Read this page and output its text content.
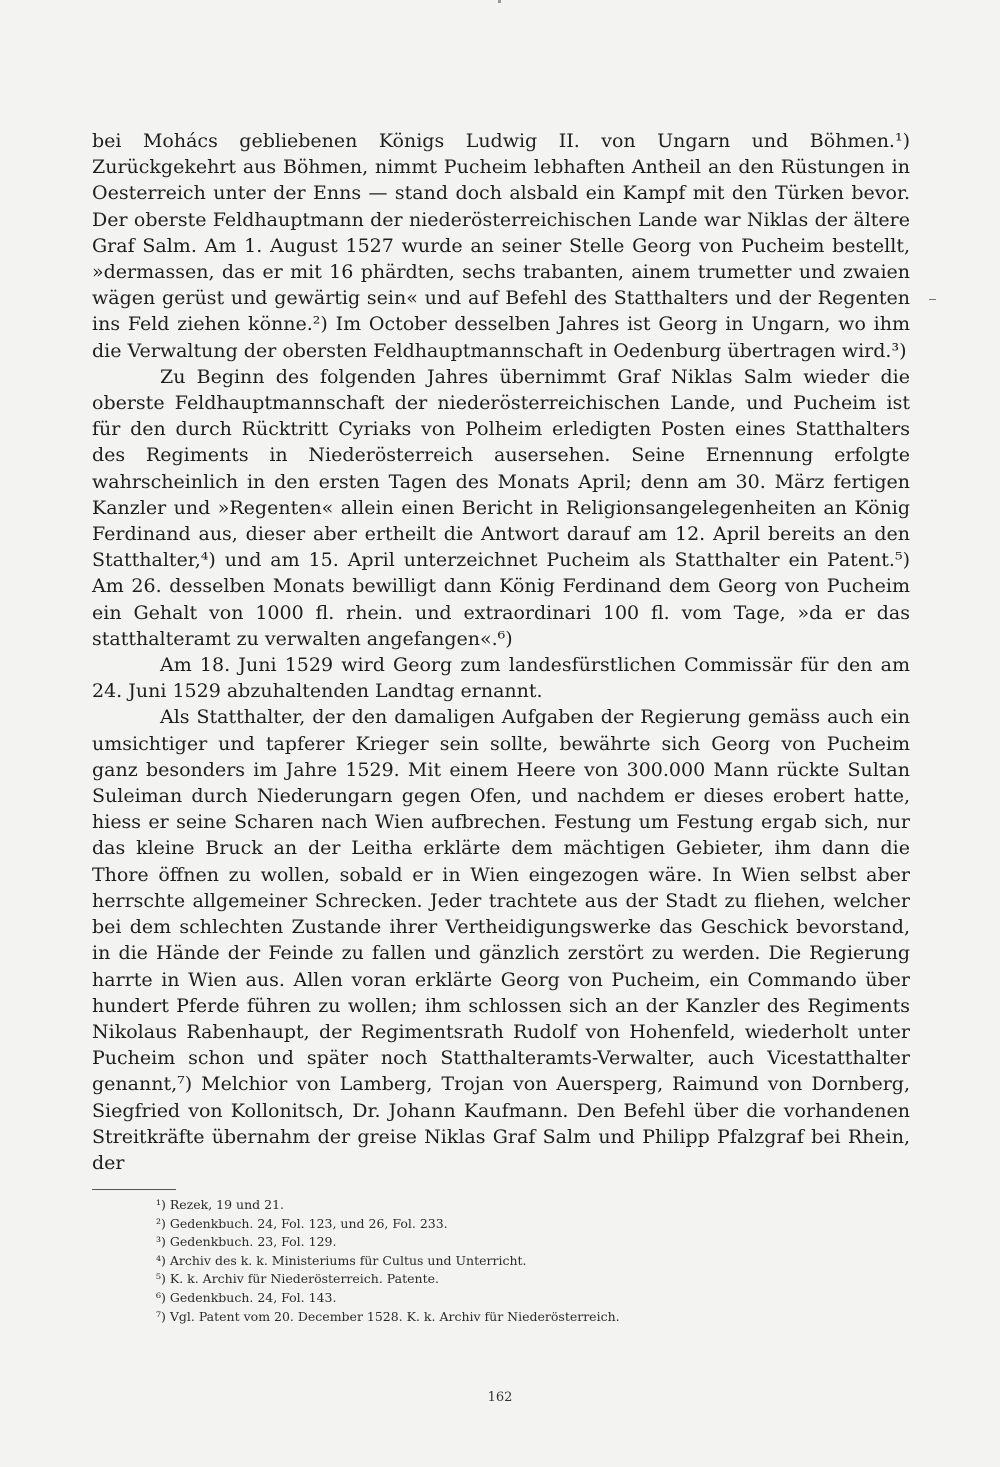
bei Mohács gebliebenen Königs Ludwig II. von Ungarn und Böhmen.¹) Zurückgekehrt aus Böhmen, nimmt Pucheim lebhaften Antheil an den Rüstungen in Oesterreich unter der Enns — stand doch alsbald ein Kampf mit den Türken bevor. Der oberste Feldhauptmann der niederösterreichischen Lande war Niklas der ältere Graf Salm. Am 1. August 1527 wurde an seiner Stelle Georg von Pucheim bestellt, »dermassen, das er mit 16 phärdten, sechs trabanten, ainem trumetter und zwaien wägen gerüst und gewärtig sein« und auf Befehl des Statthalters und der Regenten ins Feld ziehen könne.²) Im October desselben Jahres ist Georg in Ungarn, wo ihm die Verwaltung der obersten Feldhauptmannschaft in Oedenburg übertragen wird.³)

Zu Beginn des folgenden Jahres übernimmt Graf Niklas Salm wieder die oberste Feldhauptmannschaft der niederösterreichischen Lande, und Pucheim ist für den durch Rücktritt Cyriaks von Polheim erledigten Posten eines Statthalters des Regiments in Niederösterreich ausersehen. Seine Ernennung erfolgte wahrscheinlich in den ersten Tagen des Monats April; denn am 30. März fertigen Kanzler und »Regenten« allein einen Bericht in Religionsangelegenheiten an König Ferdinand aus, dieser aber ertheilt die Antwort darauf am 12. April bereits an den Statthalter,⁴) und am 15. April unterzeichnet Pucheim als Statthalter ein Patent.⁵) Am 26. desselben Monats bewilligt dann König Ferdinand dem Georg von Pucheim ein Gehalt von 1000 fl. rhein. und extraordinari 100 fl. vom Tage, »da er das statthalteramt zu verwalten angefangen«.⁶)

Am 18. Juni 1529 wird Georg zum landesfürstlichen Commissär für den am 24. Juni 1529 abzuhaltenden Landtag ernannt.

Als Statthalter, der den damaligen Aufgaben der Regierung gemäss auch ein umsichtiger und tapferer Krieger sein sollte, bewährte sich Georg von Pucheim ganz besonders im Jahre 1529. Mit einem Heere von 300.000 Mann rückte Sultan Suleiman durch Niederungarn gegen Ofen, und nachdem er dieses erobert hatte, hiess er seine Scharen nach Wien aufbrechen. Festung um Festung ergab sich, nur das kleine Bruck an der Leitha erklärte dem mächtigen Gebieter, ihm dann die Thore öffnen zu wollen, sobald er in Wien eingezogen wäre. In Wien selbst aber herrschte allgemeiner Schrecken. Jeder trachtete aus der Stadt zu fliehen, welcher bei dem schlechten Zustande ihrer Vertheidigungswerke das Geschick bevorstand, in die Hände der Feinde zu fallen und gänzlich zerstört zu werden. Die Regierung harrte in Wien aus. Allen voran erklärte Georg von Pucheim, ein Commando über hundert Pferde führen zu wollen; ihm schlossen sich an der Kanzler des Regiments Nikolaus Rabenhaupt, der Regimentsrath Rudolf von Hohenfeld, wiederholt unter Pucheim schon und später noch Statthalteramts-Verwalter, auch Vicestatthalter genannt,⁷) Melchior von Lamberg, Trojan von Auersperg, Raimund von Dornberg, Siegfried von Kollonitsch, Dr. Johann Kaufmann. Den Befehl über die vorhandenen Streitkräfte übernahm der greise Niklas Graf Salm und Philipp Pfalzgraf bei Rhein, der

¹) Rezek, 19 und 21.

²) Gedenkbuch. 24, Fol. 123, und 26, Fol. 233.

³) Gedenkbuch. 23, Fol. 129.

⁴) Archiv des k. k. Ministeriums für Cultus und Unterricht.

⁵) K. k. Archiv für Niederösterreich. Patente.

⁶) Gedenkbuch. 24, Fol. 143.

⁷) Vgl. Patent vom 20. December 1528. K. k. Archiv für Niederösterreich.

162
